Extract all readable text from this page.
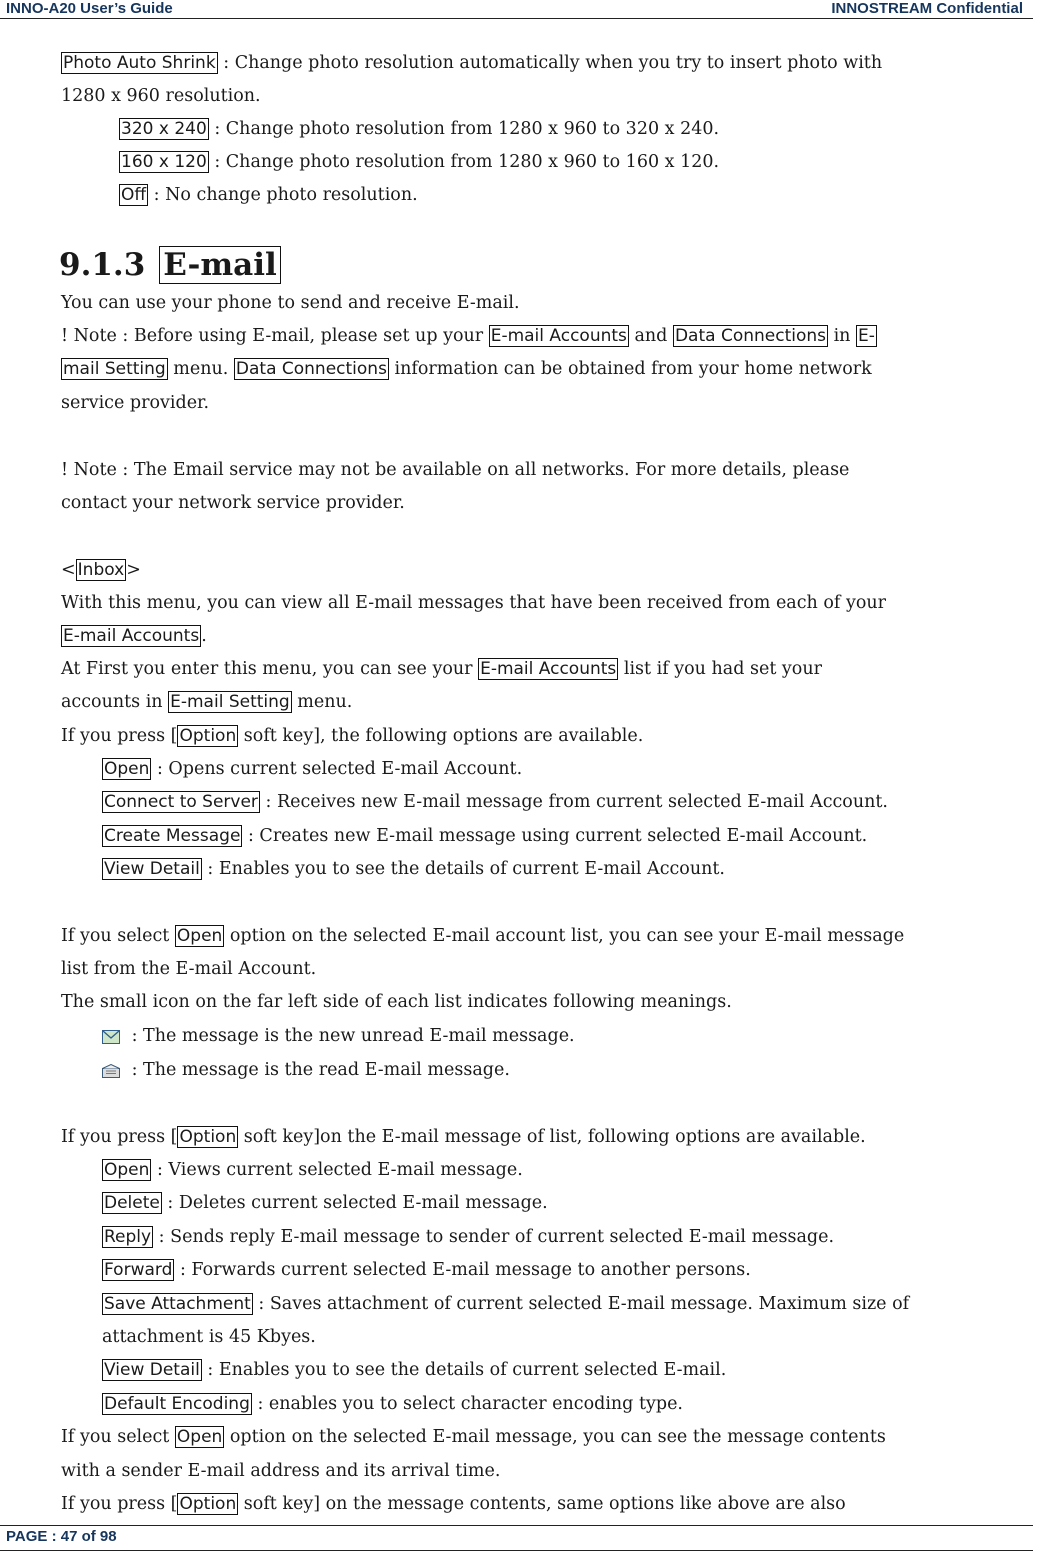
INNO-A20 User’s Guide	INNOSTREAM Confidential
Photo Auto Shrink : Change photo resolution automatically when you try to insert photo with
1280 x 960 resolution.
320 x 240 : Change photo resolution from 1280 x 960 to 320 x 240.
160 x 120 : Change photo resolution from 1280 x 960 to 160 x 120.
Off : No change photo resolution.
9.1.3 E-mail
You can use your phone to send and receive E-mail.
! Note : Before using E-mail, please set up your E-mail Accounts and Data Connections in E-
mail Setting menu. Data Connections information can be obtained from your home network
service provider.
! Note : The Email service may not be available on all networks. For more details, please
contact your network service provider.
< Inbox >
With this menu, you can view all E-mail messages that have been received from each of your
E-mail Accounts .
At First you enter this menu, you can see your E-mail Accounts list if you had set your
accounts in E-mail Setting menu.
If you press [ Option soft key], the following options are available.
Open : Opens current selected E-mail Account.
Connect to Server : Receives new E-mail message from current selected E-mail Account.
Create Message : Creates new E-mail message using current selected E-mail Account.
View Detail : Enables you to see the details of current E-mail Account.
If you select Open option on the selected E-mail account list, you can see your E-mail message
list from the E-mail Account.
The small icon on the far left side of each list indicates following meanings.
: The message is the new unread E-mail message.
: The message is the read E-mail message.
If you press [ Option soft key]on the E-mail message of list, following options are available.
Open : Views current selected E-mail message.
Delete : Deletes current selected E-mail message.
Reply : Sends reply E-mail message to sender of current selected E-mail message.
Forward : Forwards current selected E-mail message to another persons.
Save Attachment : Saves attachment of current selected E-mail message. Maximum size of
attachment is 45 Kbyes.
View Detail : Enables you to see the details of current selected E-mail.
Default Encoding : enables you to select character encoding type.
If you select Open option on the selected E-mail message, you can see the message contents
with a sender E-mail address and its arrival time.
If you press [ Option soft key] on the message contents, same options like above are also
PAGE : 47 of 98
